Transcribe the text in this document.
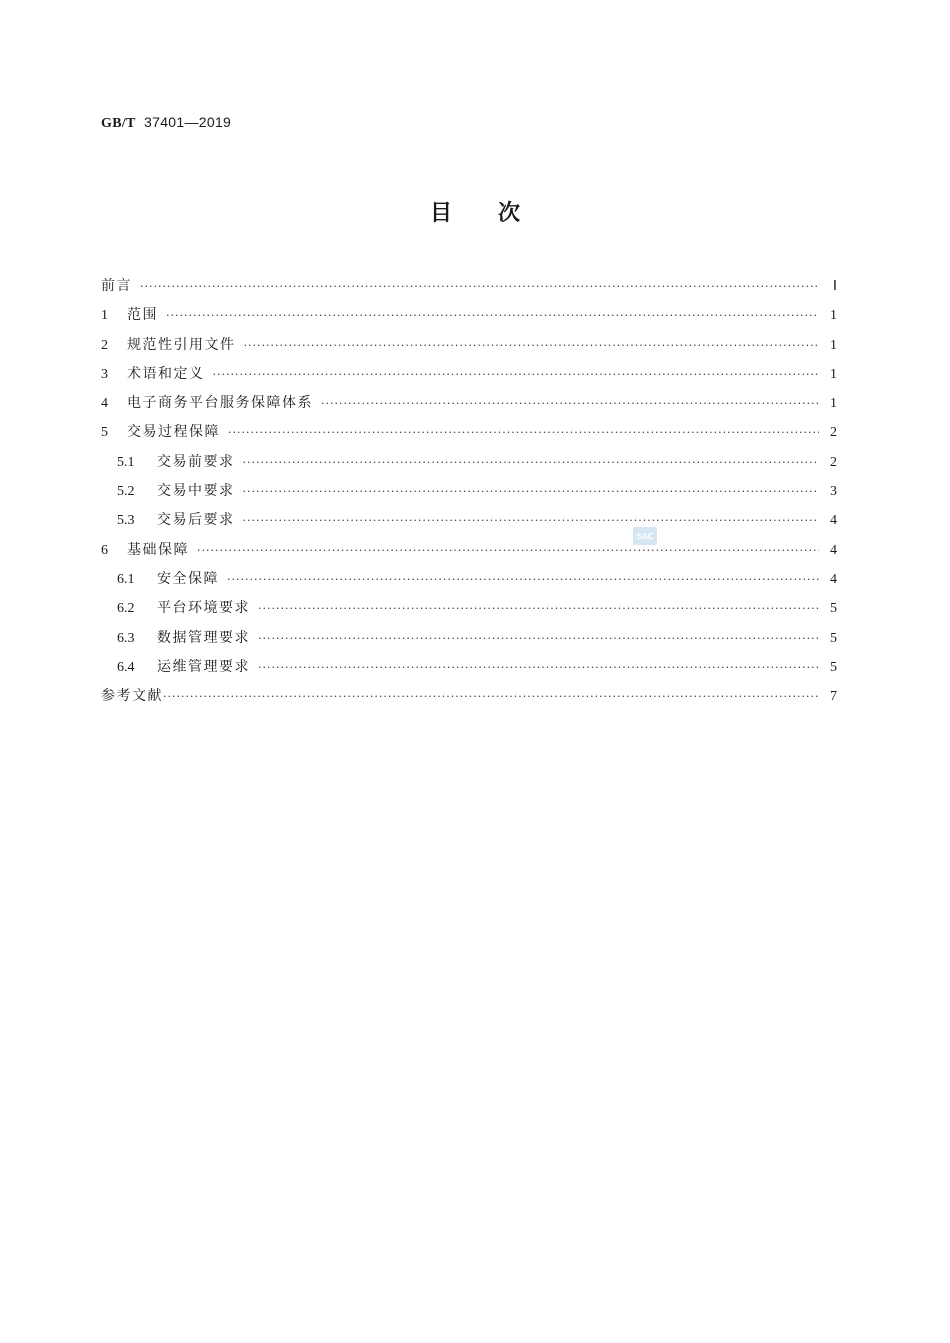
GB/T 37401—2019
目次
前言 ·····	Ⅰ
1	范围 ·····	1
2	规范性引用文件 ·····	1
3	术语和定义 ·····	1
4	电子商务平台服务保障体系 ·····	1
5	交易过程保障 ·····	2
5.1	交易前要求 ·····	2
5.2	交易中要求 ·····	3
5.3	交易后要求 ·····	4
6	基础保障 ·····	4
6.1	安全保障 ·····	4
6.2	平台环境要求 ·····	5
6.3	数据管理要求 ·····	5
6.4	运维管理要求 ·····	5
参考文献 ·····	7
SAC
